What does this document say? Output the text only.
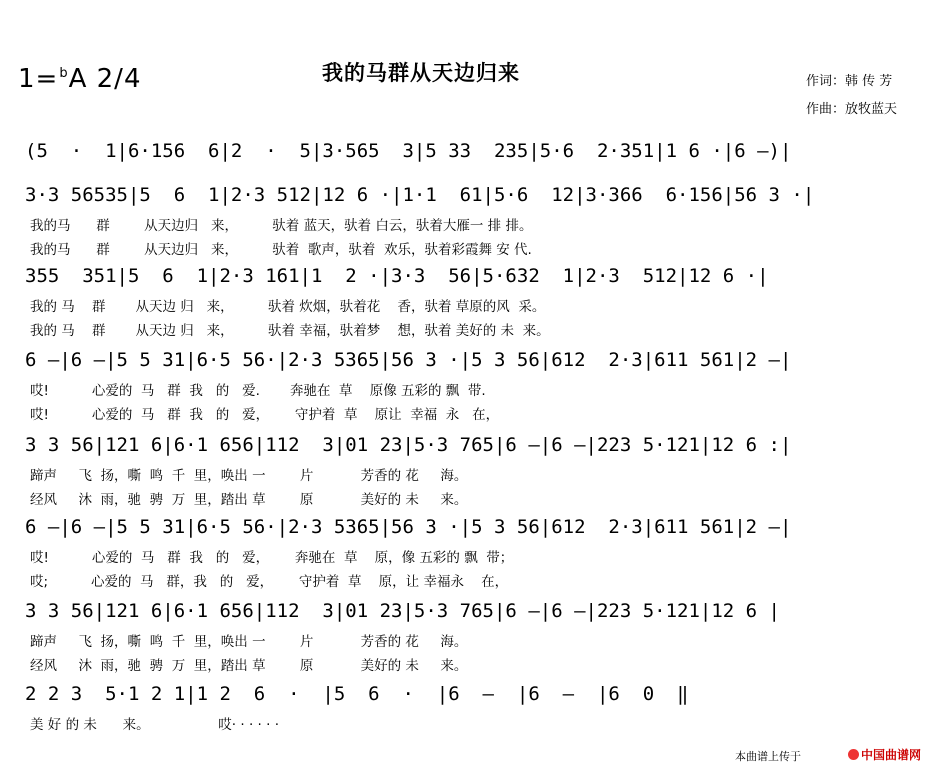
1=$^b$A 2/4	我的马群从天边归来	作词：韩 传 芳
作曲：放牧蓝天
(5  ·  1|6·156  6|2  ·  5|3·565  3|5 33  235|5·6  2·351|1 6 ·|6 –)|
3·3 56535|5  6  1|2·3 512|12 6 ·|1·1  61|5·6  12|3·366  6·156|56 3 ·|
我的马      群        从天边归   来，        驮着 蓝天，驮着 白云，驮着大雁一 排 排。
我的马      群        从天边归   来，        驮着  歌声，驮着  欢乐，驮着彩霞舞 安 代.
355  351|5  6  1|2·3 161|1  2 ·|3·3  56|5·632  1|2·3  512|12 6 ·|
我的 马    群       从天边 归   来，        驮着 炊烟，驮着花    香，驮着 草原的风  采。
我的 马    群       从天边 归   来，        驮着 幸福，驮着梦    想，驮着 美好的 未  来。
6 –|6 –|5 5 31|6·5 56·|2·3 5365|56 3 ·|5 3 56|612  2·3|611 561|2 –|
哎!          心爱的  马   群  我   的   爱.       奔驰在  草    原像 五彩的 飘  带.
哎!          心爱的  马   群  我   的   爱，      守护着  草    原让  幸福  永   在，
3 3 56|121 6|6·1 656|112  3|01 23|5·3 765|6 –|6 –|223 5·121|12 6 :|
蹄声     飞  扬，嘶  鸣  千  里，唤出 一        片           芳香的 花     海。
经风     沐  雨，驰  骋  万  里，踏出 草        原           美好的 未     来。
6 –|6 –|5 5 31|6·5 56·|2·3 5365|56 3 ·|5 3 56|612  2·3|611 561|2 –|
哎!          心爱的  马   群  我   的   爱，      奔驰在  草    原，像 五彩的 飘  带；
哎;          心爱的  马   群，我   的   爱，      守护着  草    原，让 幸福永    在，
3 3 56|121 6|6·1 656|112  3|01 23|5·3 765|6 –|6 –|223 5·121|12 6 |
蹄声     飞  扬，嘶  鸣  千  里，唤出 一        片           芳香的 花     海。
经风     沐  雨，驰  骋  万  里，踏出 草        原           美好的 未     来。
2 2 3  5·1 2 1|1 2  6  ·  |5  6  ·  |6  –  |6  –  |6  0  ‖
美 好 的 未      来。                哎· · · · · ·
本曲谱上传于	中国曲谱网
